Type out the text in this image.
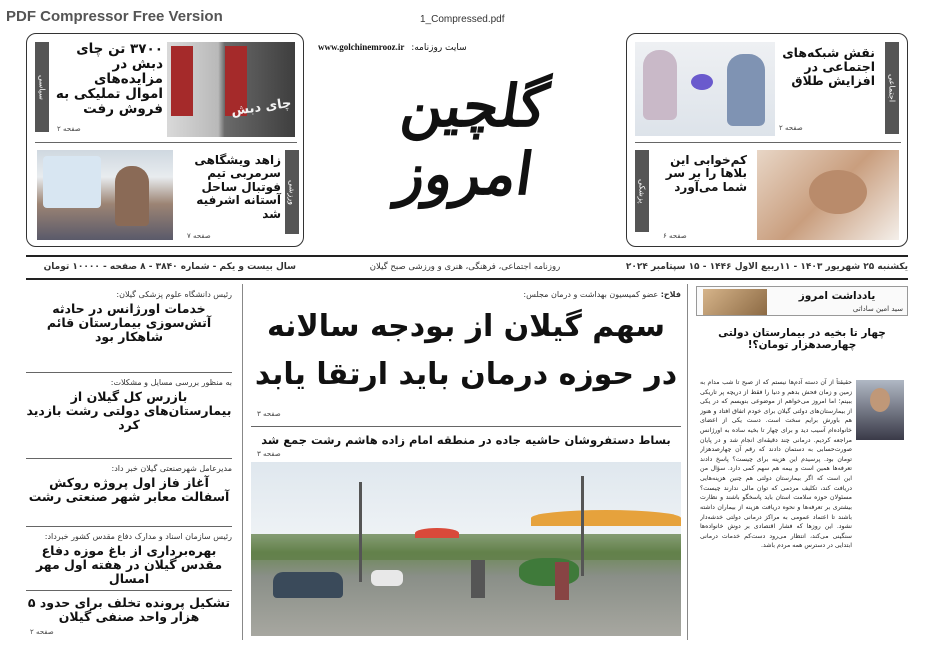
PDF Compressor Free Version	1_Compressed.pdf
سیاسی
۳۷۰۰ تن چای دبش در مزایده‌های اموال تملیکی به فروش رفت
صفحه ۲
چای دبش
زاهد ویشگاهی سرمربی تیم فوتبال ساحل آستانه اشرفیه شد
صفحه ۷
ورزشی
www.golchinemrooz.ir سایت روزنامه:
گلچین امروز
نقش شبکه‌های اجتماعی در افزایش طلاق
صفحه ۲
اجتماعی
پزشکی
کم‌خوابی این بلاها را بر سر شما می‌آورد
صفحه ۶
سال بیست و یکم - شماره ۳۸۴۰ - ۸ صفحه - ۱۰۰۰۰ تومان	روزنامه اجتماعی، فرهنگی، هنری و ورزشی صبح گیلان	یکشنبه ۲۵ شهریور ۱۴۰۳ - ۱۱ربیع الاول ۱۴۴۶ - ۱۵ سپتامبر ۲۰۲۴
رئیس دانشگاه علوم پزشکی گیلان:
خدمات اورژانس در حادثه آتش‌سوزی بیمارستان قائم شاهکار بود
به منظور بررسی مسایل و مشکلات:
بازرس کل گیلان از بیمارستان‌های دولتی رشت بازدید کرد
مدیرعامل شهرصنعتی گیلان خبر داد:
آغاز فاز اول پروژه روکش آسفالت معابر شهر صنعتی رشت
رئیس سازمان اسناد و مدارک دفاع مقدس کشور خبرداد:
بهره‌برداری از باغ موزه دفاع مقدس گیلان در هفته اول مهر امسال
تشکیل پرونده تخلف برای حدود ۵ هزار واحد صنفی گیلان
صفحه ۲
فلاح: عضو کمیسیون بهداشت و درمان مجلس:
سهم گیلان از بودجه سالانه
در حوزه درمان باید ارتقا یابد
صفحه ۳
بساط دستفروشان حاشیه جاده در منطقه امام زاده هاشم رشت جمع شد
صفحه ۳
یادداشت امروز
سید امین ساداتی
چهار تا بخیه در بیمارستان دولتی چهارصدهزار تومان؟!
حقیقتاً از آن دسته آدم‌ها نیستم که از صبح تا شب مدام به زمین و زمان فحش بدهم و دنیا را فقط از دریچه پر تاریکی ببینم؛ اما امروز می‌خواهم از موضوعی بنویسم که در یکی از بیمارستان‌های دولتی گیلان برای خودم اتفاق افتاد و هنوز هم باورش برایم سخت است. دست یکی از اعضای خانواده‌ام آسیب دید و برای چهار تا بخیه ساده به اورژانس مراجعه کردیم. درمانی چند دقیقه‌ای انجام شد و در پایان صورت‌حسابی به دستمان دادند که رقم آن چهارصدهزار تومان بود. پرسیدم این هزینه برای چیست؟ پاسخ دادند تعرفه‌ها همین است و بیمه هم سهم کمی دارد. سؤال من این است که اگر بیمارستان دولتی هم چنین هزینه‌هایی دریافت کند، تکلیف مردمی که توان مالی ندارند چیست؟ مسئولان حوزه سلامت استان باید پاسخگو باشند و نظارت بیشتری بر تعرفه‌ها و نحوه دریافت هزینه از بیماران داشته باشند تا اعتماد عمومی به مراکز درمانی دولتی خدشه‌دار نشود. این روزها که فشار اقتصادی بر دوش خانواده‌ها سنگینی می‌کند، انتظار می‌رود دست‌کم خدمات درمانی ابتدایی در دسترس همه مردم باشد.
